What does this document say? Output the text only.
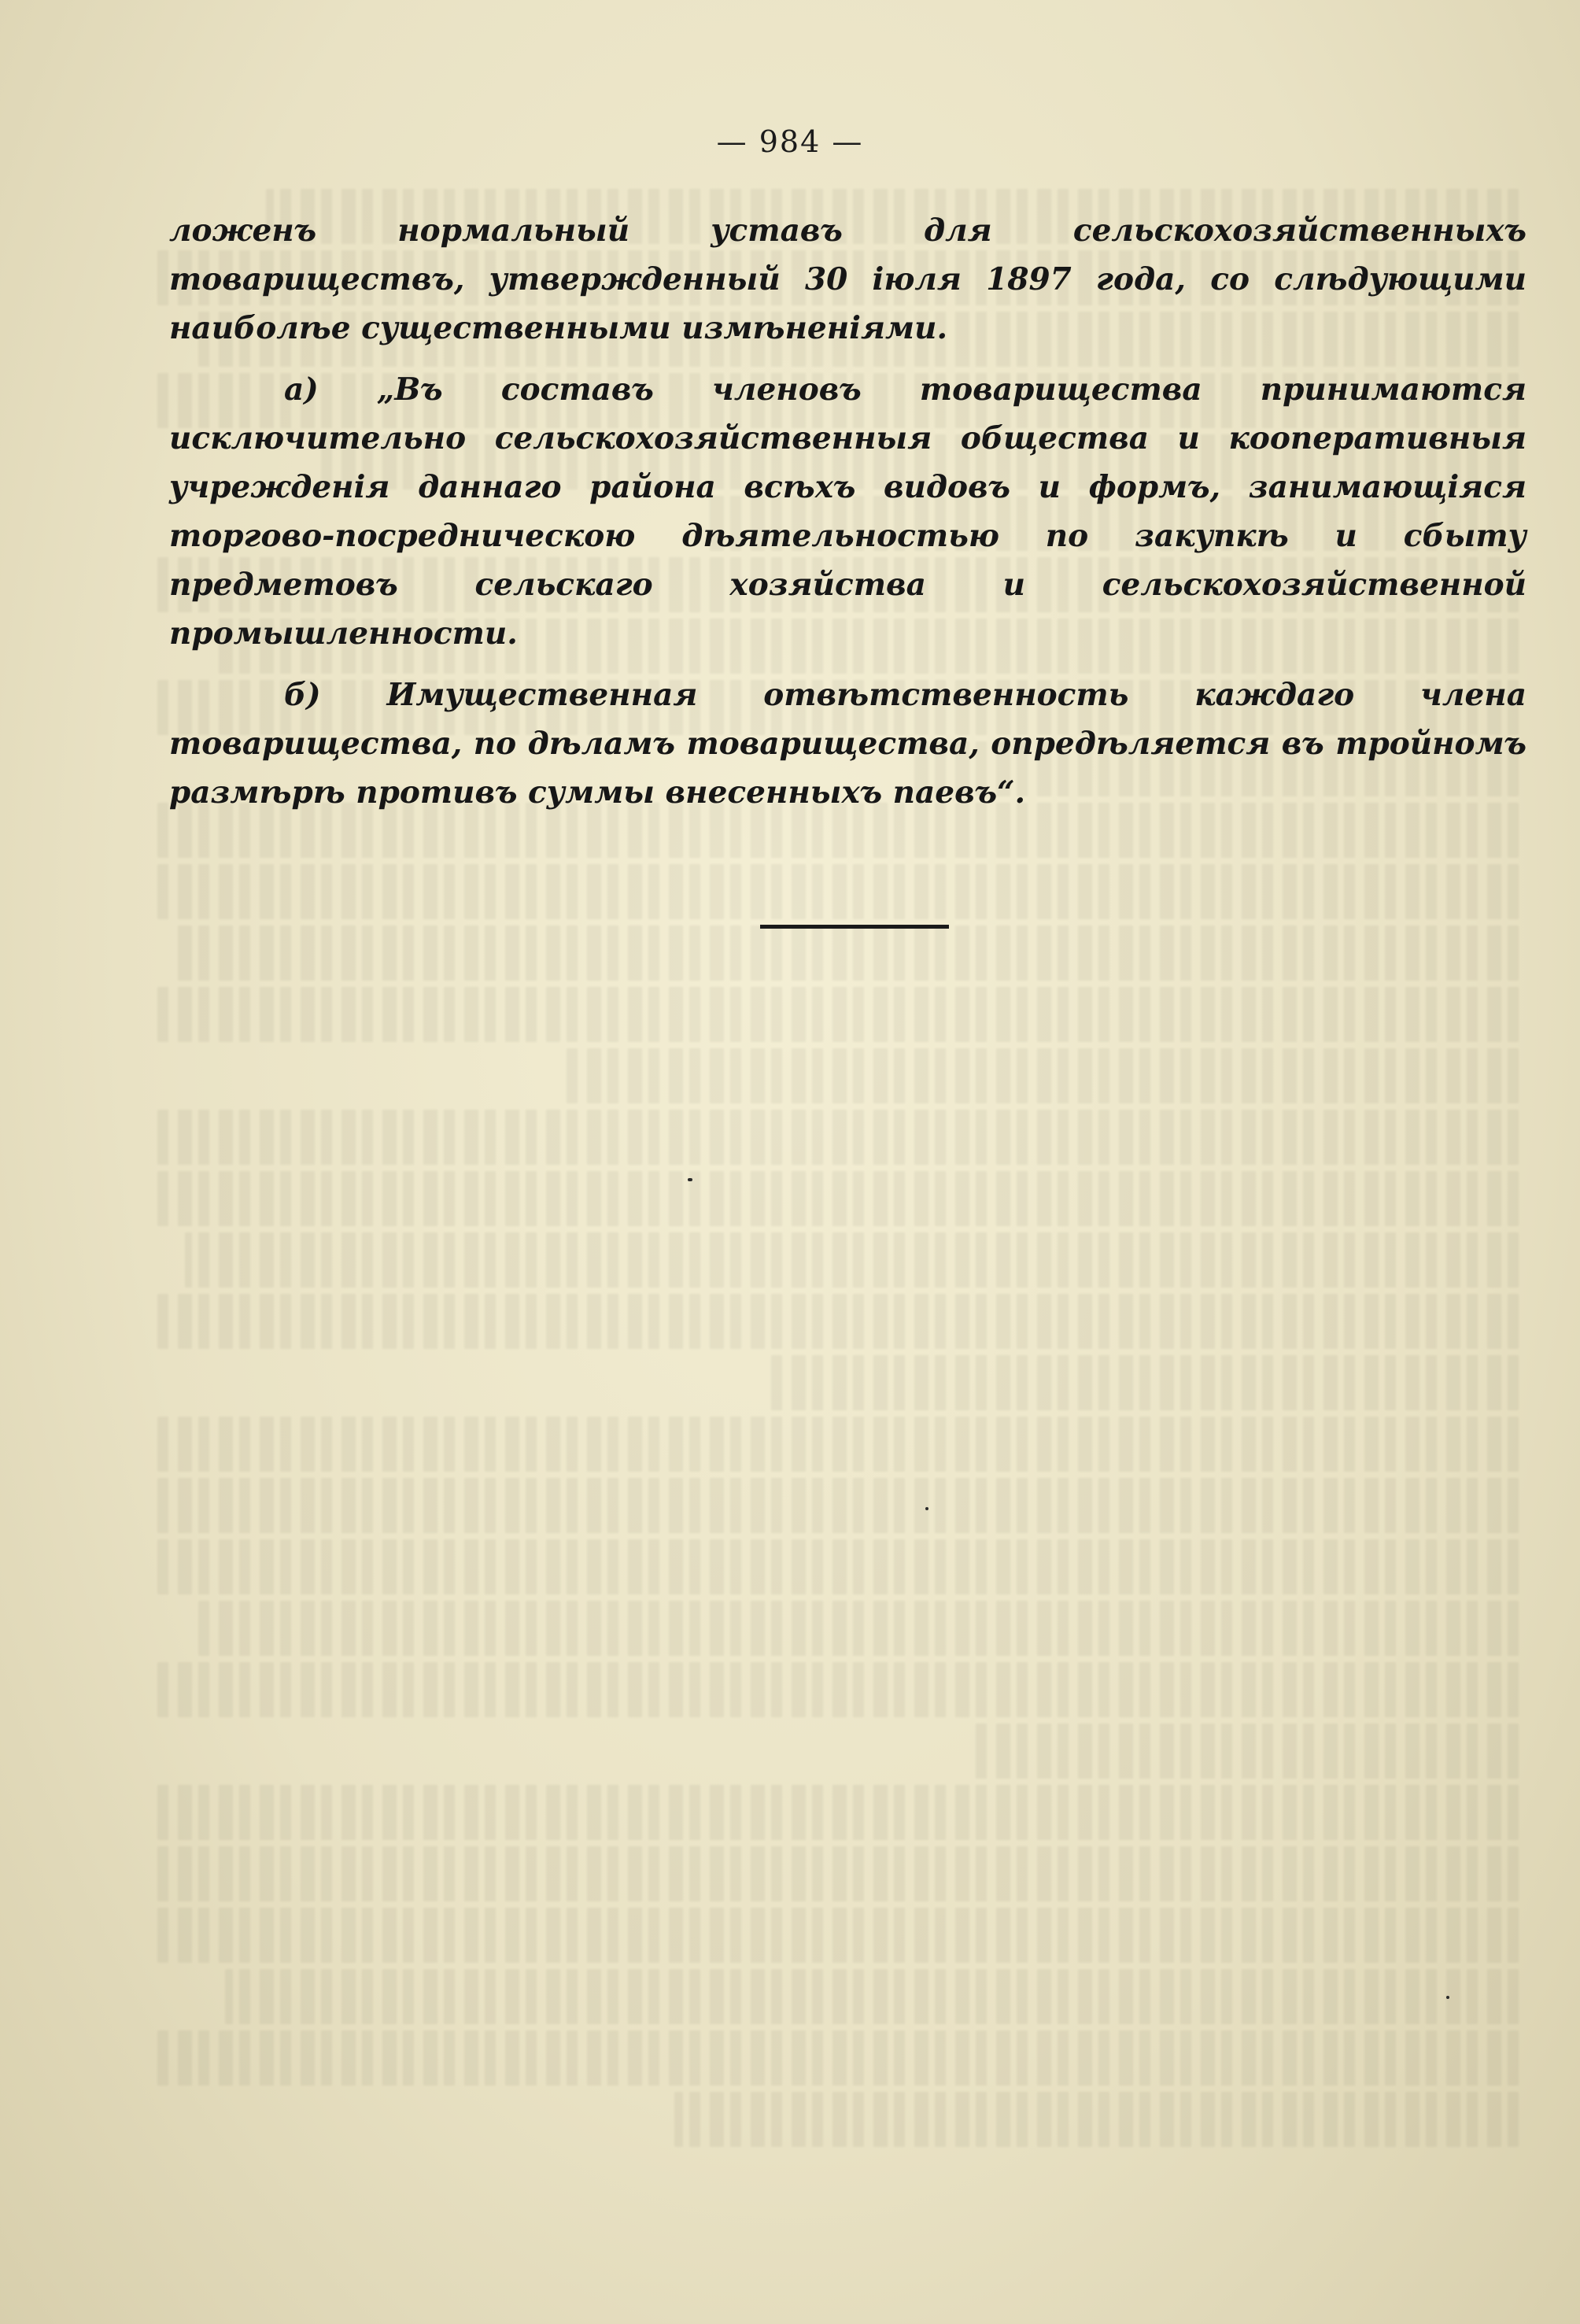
— 984 —

ложенъ нормальный уставъ для сельскохозяйственныхъ товариществъ, утвержденный 30 іюля 1897 года, со слѣдующими наиболѣе существенными измѣненіями.

а) „Въ составъ членовъ товарищества принимаются исключительно сельскохозяйственныя общества и кооперативныя учрежденія даннаго района всѣхъ видовъ и формъ, занимающіяся торгово-посредническою дѣятельностью по закупкѣ и сбыту предметовъ сельскаго хозяйства и сельскохозяйственной промышленности.

б) Имущественная отвѣтственность каждаго члена товарищества, по дѣламъ товарищества, опредѣляется въ тройномъ размѣрѣ противъ суммы внесенныхъ паевъ“.
